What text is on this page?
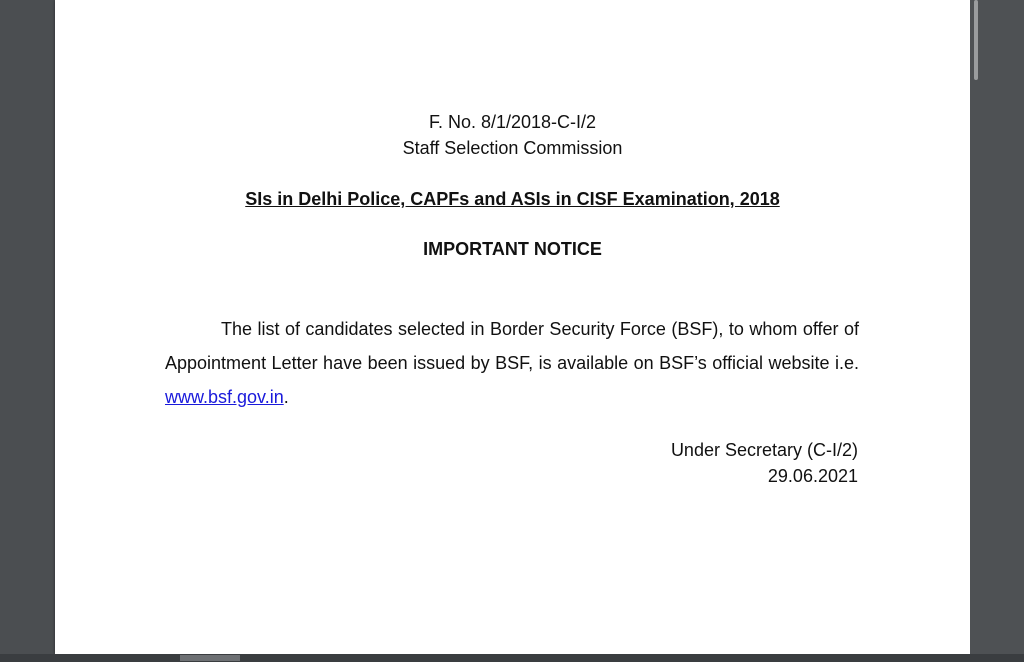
F. No. 8/1/2018-C-I/2
Staff Selection Commission
SIs in Delhi Police, CAPFs and ASIs in CISF Examination, 2018
IMPORTANT NOTICE
The list of candidates selected in Border Security Force (BSF), to whom offer of Appointment Letter have been issued by BSF, is available on BSF’s official website i.e. www.bsf.gov.in.
Under Secretary (C-I/2)
29.06.2021
